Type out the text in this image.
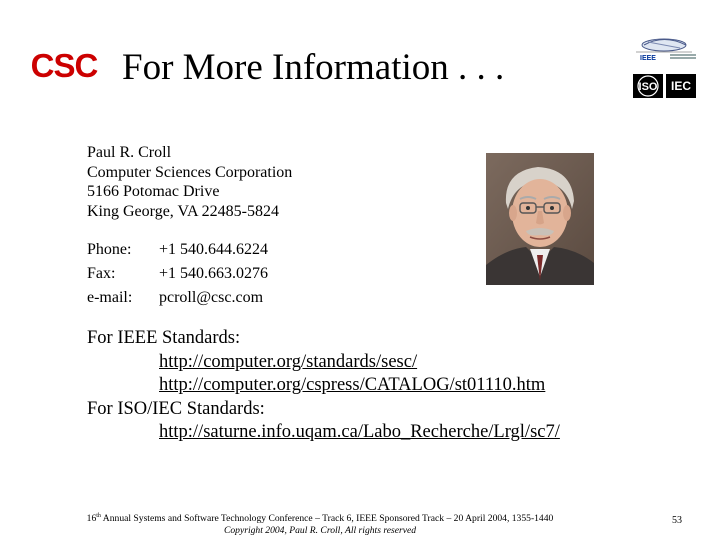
CSC For More Information . . .	IEEE
ISO IEC
Paul R. Croll
Computer Sciences Corporation
5166 Potomac Drive
King George, VA 22485-5824
Phone:	+1 540.644.6224
Fax:	+1 540.663.0276
e-mail:	pcroll@csc.com
For IEEE Standards:
http://computer.org/standards/sesc/
http://computer.org/cspress/CATALOG/st01110.htm
For ISO/IEC Standards:
http://saturne.info.uqam.ca/Labo_Recherche/Lrgl/sc7/
16th Annual Systems and Software Technology Conference – Track 6, IEEE Sponsored Track – 20 April 2004, 1355-1440
Copyright 2004, Paul R. Croll, All rights reserved
53
